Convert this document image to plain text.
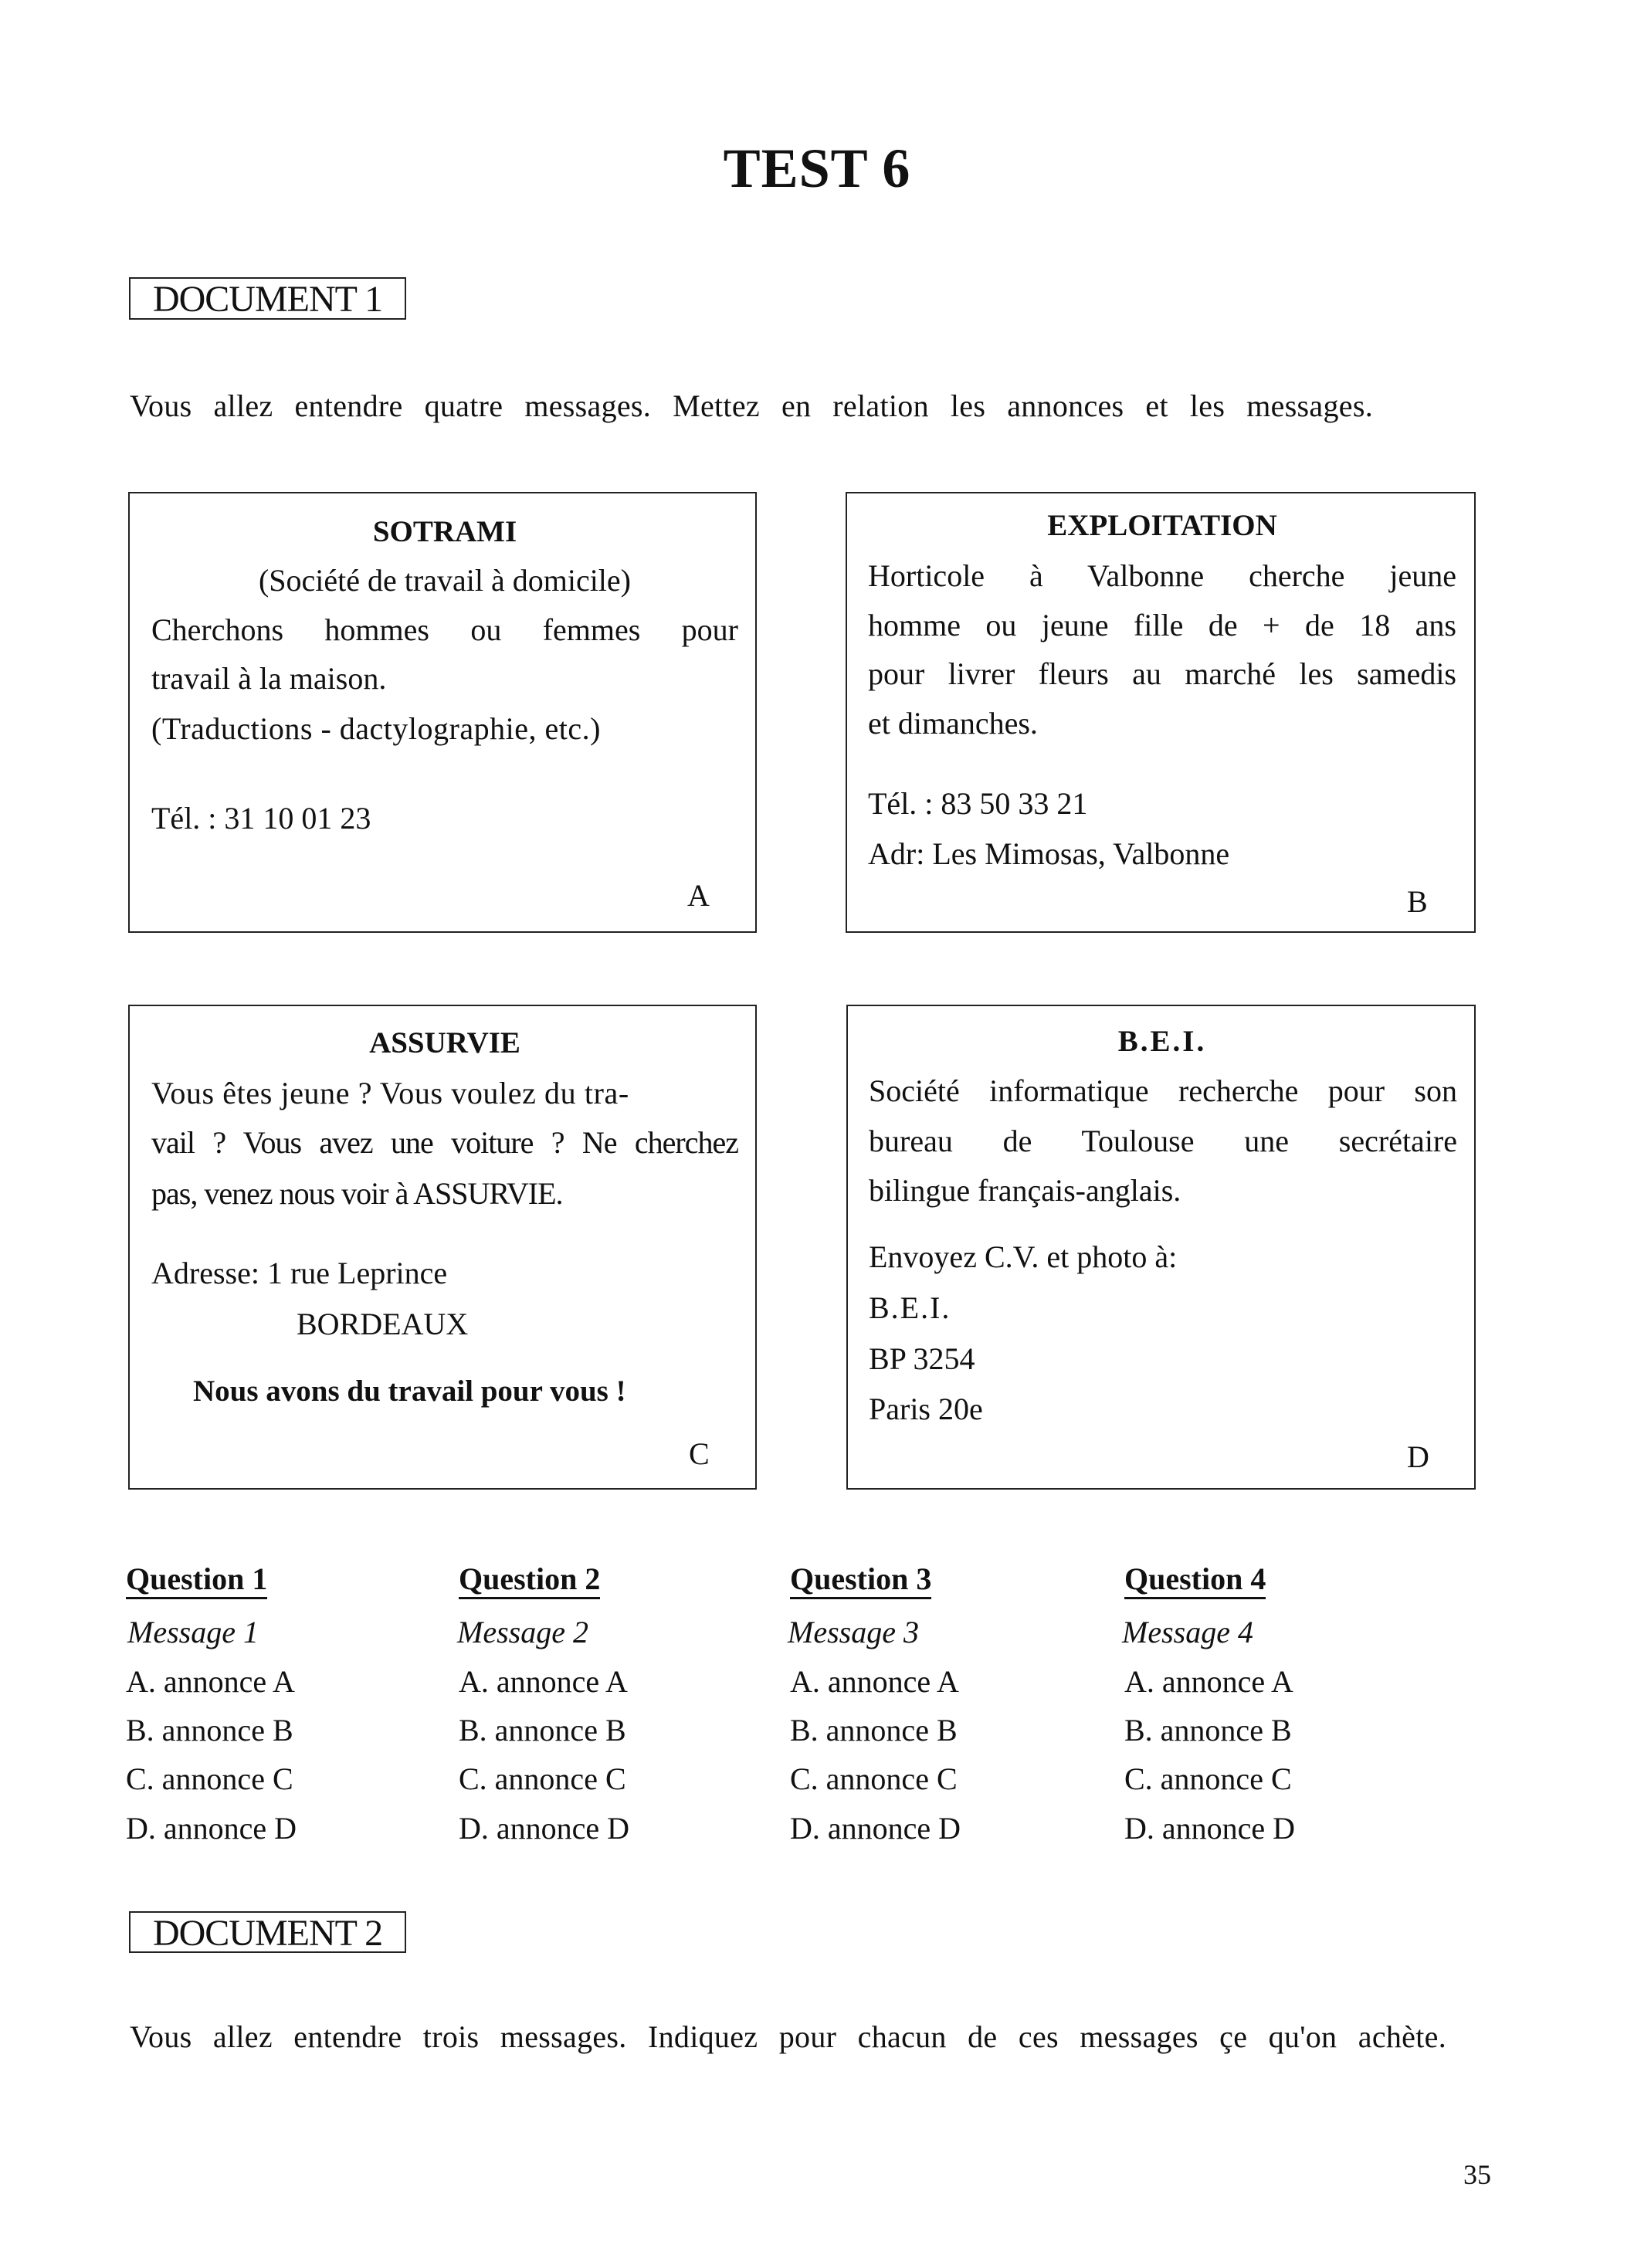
TEST 6
DOCUMENT 1
Vous allez entendre quatre messages. Mettez en relation les annonces et les messages.
SOTRAMI
(Société de travail à domicile)
Cherchons hommes ou femmes pour
travail à la maison.
(Traductions - dactylographie, etc.)
Tél. : 31 10 01 23
A
EXPLOITATION
Horticole à Valbonne cherche jeune
homme ou jeune fille de + de 18 ans
pour livrer fleurs au marché les samedis
et dimanches.
Tél. : 83 50 33 21
Adr: Les Mimosas, Valbonne
B
ASSURVIE
Vous êtes jeune ? Vous voulez du tra-
vail ? Vous avez une voiture ? Ne cherchez
pas, venez nous voir à ASSURVIE.
Adresse: 1 rue Leprince
BORDEAUX
Nous avons du travail pour vous !
C
B.E.I.
Société informatique recherche pour son
bureau de Toulouse une secrétaire
bilingue français-anglais.
Envoyez C.V. et photo à:
B.E.I.
BP 3254
Paris 20e
D
Question 1
Message 1
A. annonce A
B. annonce B
C. annonce C
D. annonce D
Question 2
Message 2
A. annonce A
B. annonce B
C. annonce C
D. annonce D
Question 3
Message 3
A. annonce A
B. annonce B
C. annonce C
D. annonce D
Question 4
Message 4
A. annonce A
B. annonce B
C. annonce C
D. annonce D
DOCUMENT 2
Vous allez entendre trois messages. Indiquez pour chacun de ces messages çe qu'on achète.
35
